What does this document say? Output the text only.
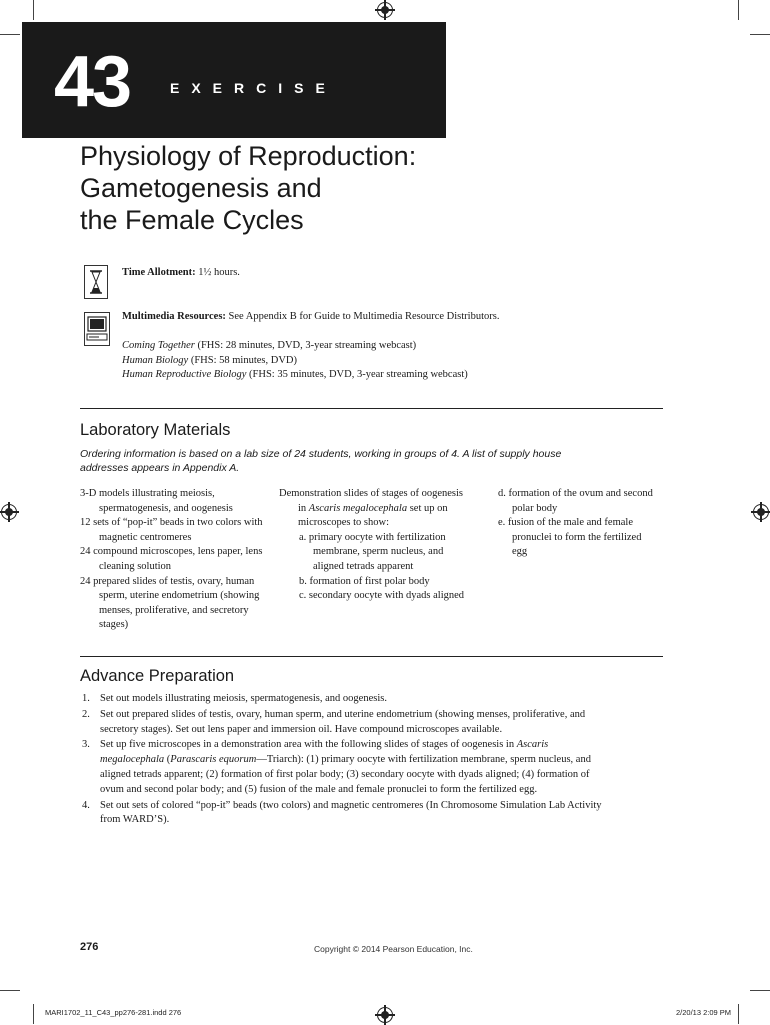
43	EXERCISE
Physiology of Reproduction:
Gametogenesis and
the Female Cycles
Time Allotment: 1½ hours.
Multimedia Resources: See Appendix B for Guide to Multimedia Resource Distributors.
Coming Together (FHS: 28 minutes, DVD, 3-year streaming webcast)
Human Biology (FHS: 58 minutes, DVD)
Human Reproductive Biology (FHS: 35 minutes, DVD, 3-year streaming webcast)
Laboratory Materials
Ordering information is based on a lab size of 24 students, working in groups of 4. A list of supply house addresses appears in Appendix A.
3-D models illustrating meiosis, spermatogenesis, and oogenesis
12 sets of “pop-it” beads in two colors with magnetic centromeres
24 compound microscopes, lens paper, lens cleaning solution
24 prepared slides of testis, ovary, human sperm, uterine endometrium (showing menses, proliferative, and secretory stages)
Demonstration slides of stages of oogenesis in Ascaris megalocephala set up on microscopes to show:
a. primary oocyte with fertilization membrane, sperm nucleus, and aligned tetrads apparent
b. formation of first polar body
c. secondary oocyte with dyads aligned
d. formation of the ovum and second polar body
e. fusion of the male and female pronuclei to form the fertilized egg
Advance Preparation
1. Set out models illustrating meiosis, spermatogenesis, and oogenesis.
2. Set out prepared slides of testis, ovary, human sperm, and uterine endometrium (showing menses, proliferative, and secretory stages). Set out lens paper and immersion oil. Have compound microscopes available.
3. Set up five microscopes in a demonstration area with the following slides of stages of oogenesis in Ascaris megalocephala (Parascaris equorum—Triarch): (1) primary oocyte with fertilization membrane, sperm nucleus, and aligned tetrads apparent; (2) formation of first polar body; (3) secondary oocyte with dyads aligned; (4) formation of ovum and second polar body; and (5) fusion of the male and female pronuclei to form the fertilized egg.
4. Set out sets of colored “pop-it” beads (two colors) and magnetic centromeres (In Chromosome Simulation Lab Activity from WARD’S).
276	Copyright © 2014 Pearson Education, Inc.
MARI1702_11_C43_pp276-281.indd 276	2/20/13 2:09 PM
